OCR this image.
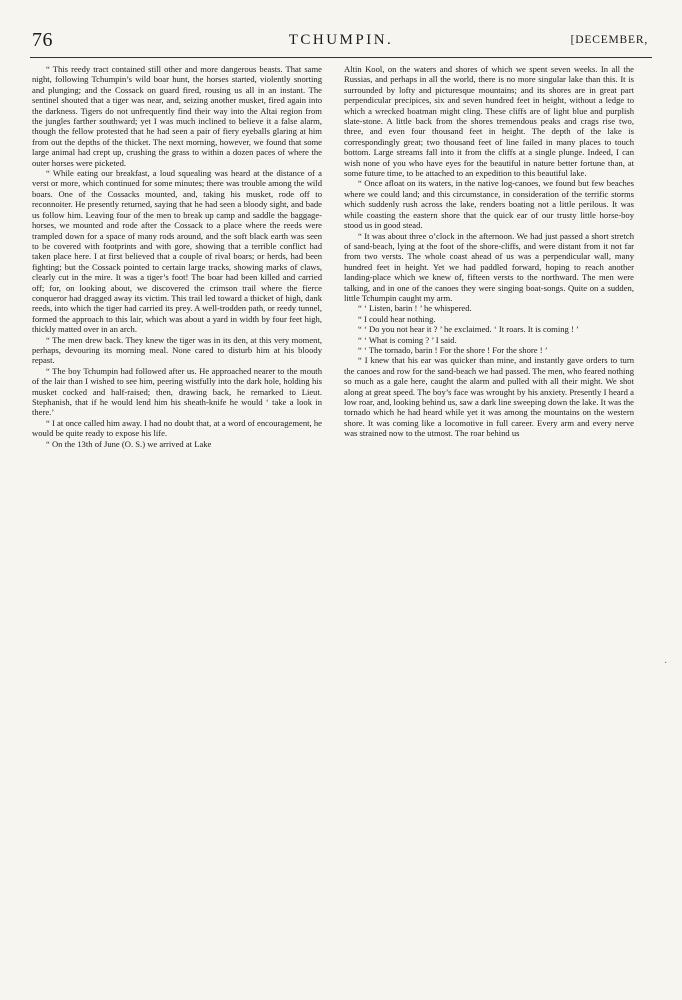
76	TCHUMPIN.	[DECEMBER,

“ This reedy tract contained still other and more dangerous beasts. That same night, following Tchumpin’s wild boar hunt, the horses started, violently snorting and plunging; and the Cossack on guard fired, rousing us all in an instant. The sentinel shouted that a tiger was near, and, seizing another musket, fired again into the darkness. Tigers do not unfrequently find their way into the Altai region from the jungles farther southward; yet I was much inclined to believe it a false alarm, though the fellow protested that he had seen a pair of fiery eyeballs glaring at him from out the depths of the thicket. The next morning, however, we found that some large animal had crept up, crushing the grass to within a dozen paces of where the outer horses were picketed.

“ While eating our breakfast, a loud squealing was heard at the distance of a verst or more, which continued for some minutes; there was trouble among the wild boars. One of the Cossacks mounted, and, taking his musket, rode off to reconnoiter. He presently returned, saying that he had seen a bloody sight, and bade us follow him. Leaving four of the men to break up camp and saddle the baggage-horses, we mounted and rode after the Cossack to a place where the reeds were trampled down for a space of many rods around, and the soft black earth was seen to be covered with footprints and with gore, showing that a terrible conflict had taken place here. I at first believed that a couple of rival boars; or herds, had been fighting; but the Cossack pointed to certain large tracks, showing marks of claws, clearly cut in the mire. It was a tiger’s foot! The boar had been killed and carried off; for, on looking about, we discovered the crimson trail where the fierce conqueror had dragged away its victim. This trail led toward a thicket of high, dank reeds, into which the tiger had carried its prey. A well-trodden path, or reedy tunnel, formed the approach to this lair, which was about a yard in width by four feet high, thickly matted over in an arch.

“ The men drew back. They knew the tiger was in its den, at this very moment, perhaps, devouring its morning meal. None cared to disturb him at his bloody repast.

“ The boy Tchumpin had followed after us. He approached nearer to the mouth of the lair than I wished to see him, peering wistfully into the dark hole, holding his musket cocked and half-raised; then, drawing back, he remarked to Lieut. Stephanish, that if he would lend him his sheath-knife he would ‘ take a look in there.’

“ I at once called him away. I had no doubt that, at a word of encouragement, he would be quite ready to expose his life.

“ On the 13th of June (O. S.) we arrived at Lake

Altin Kool, on the waters and shores of which we spent seven weeks. In all the Russias, and perhaps in all the world, there is no more singular lake than this. It is surrounded by lofty and picturesque mountains; and its shores are in great part perpendicular precipices, six and seven hundred feet in height, without a ledge to which a wrecked boatman might cling. These cliffs are of light blue and purplish slate-stone. A little back from the shores tremendous peaks and crags rise two, three, and even four thousand feet in height. The depth of the lake is correspondingly great; two thousand feet of line failed in many places to touch bottom. Large streams fall into it from the cliffs at a single plunge. Indeed, I can wish none of you who have eyes for the beautiful in nature better fortune than, at some future time, to be attached to an expedition to this beautiful lake.

“ Once afloat on its waters, in the native log-canoes, we found but few beaches where we could land; and this circumstance, in consideration of the terrific storms which suddenly rush across the lake, renders boating not a little perilous. It was while coasting the eastern shore that the quick ear of our trusty little horse-boy stood us in good stead.

“ It was about three o’clock in the afternoon. We had just passed a short stretch of sand-beach, lying at the foot of the shore-cliffs, and were distant from it not far from two versts. The whole coast ahead of us was a perpendicular wall, many hundred feet in height. Yet we had paddled forward, hoping to reach another landing-place which we knew of, fifteen versts to the northward. The men were talking, and in one of the canoes they were singing boat-songs. Quite on a sudden, little Tchumpin caught my arm.

“ ‘ Listen, barin ! ’ he whispered.

“ I could hear nothing.

“ ‘ Do you not hear it ? ’ he exclaimed. ‘ It roars. It is coming ! ’

“ ‘ What is coming ? ’ I said.

“ ‘ The tornado, barin ! For the shore ! For the shore ! ’

“ I knew that his ear was quicker than mine, and instantly gave orders to turn the canoes and row for the sand-beach we had passed. The men, who feared nothing so much as a gale here, caught the alarm and pulled with all their might. We shot along at great speed. The boy’s face was wrought by his anxiety. Presently I heard a low roar, and, looking behind us, saw a dark line sweeping down the lake. It was the tornado which he had heard while yet it was among the mountains on the western shore. It was coming like a locomotive in full career. Every arm and every nerve was strained now to the utmost. The roar behind us

·
